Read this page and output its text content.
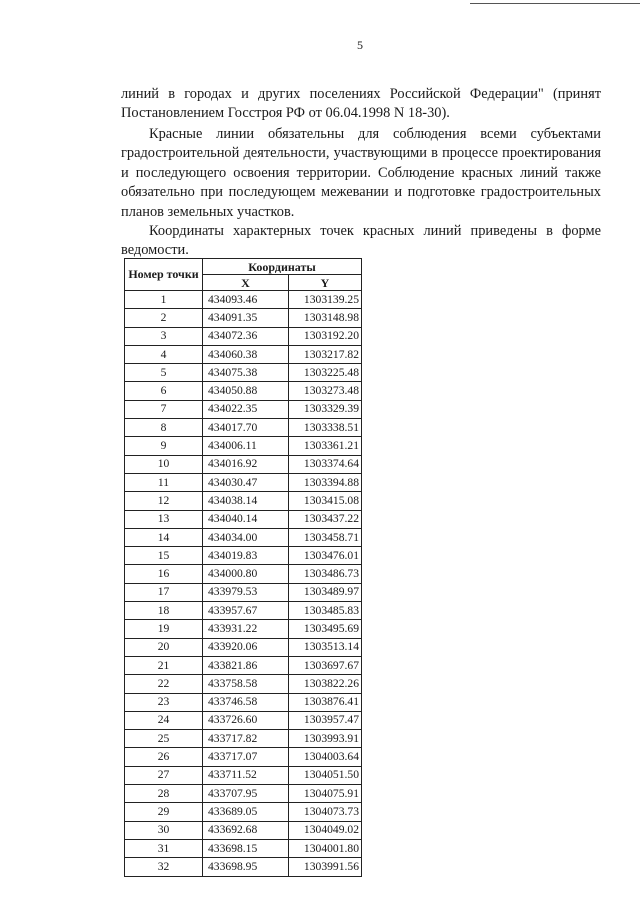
5
линий в городах и других поселениях Российской Федерации" (принят Постановлением Госстроя РФ от 06.04.1998 N 18-30).
Красные линии обязательны для соблюдения всеми субъектами градостроительной деятельности, участвующими в процессе проектирования и последующего освоения территории. Соблюдение красных линий также обязательно при последующем межевании и подготовке градостроительных планов земельных участков.
Координаты характерных точек красных линий приведены в форме ведомости.
Номер точки	Координаты	
	X	Y
1	434093.46	1303139.25
2	434091.35	1303148.98
3	434072.36	1303192.20
4	434060.38	1303217.82
5	434075.38	1303225.48
6	434050.88	1303273.48
7	434022.35	1303329.39
8	434017.70	1303338.51
9	434006.11	1303361.21
10	434016.92	1303374.64
11	434030.47	1303394.88
12	434038.14	1303415.08
13	434040.14	1303437.22
14	434034.00	1303458.71
15	434019.83	1303476.01
16	434000.80	1303486.73
17	433979.53	1303489.97
18	433957.67	1303485.83
19	433931.22	1303495.69
20	433920.06	1303513.14
21	433821.86	1303697.67
22	433758.58	1303822.26
23	433746.58	1303876.41
24	433726.60	1303957.47
25	433717.82	1303993.91
26	433717.07	1304003.64
27	433711.52	1304051.50
28	433707.95	1304075.91
29	433689.05	1304073.73
30	433692.68	1304049.02
31	433698.15	1304001.80
32	433698.95	1303991.56
